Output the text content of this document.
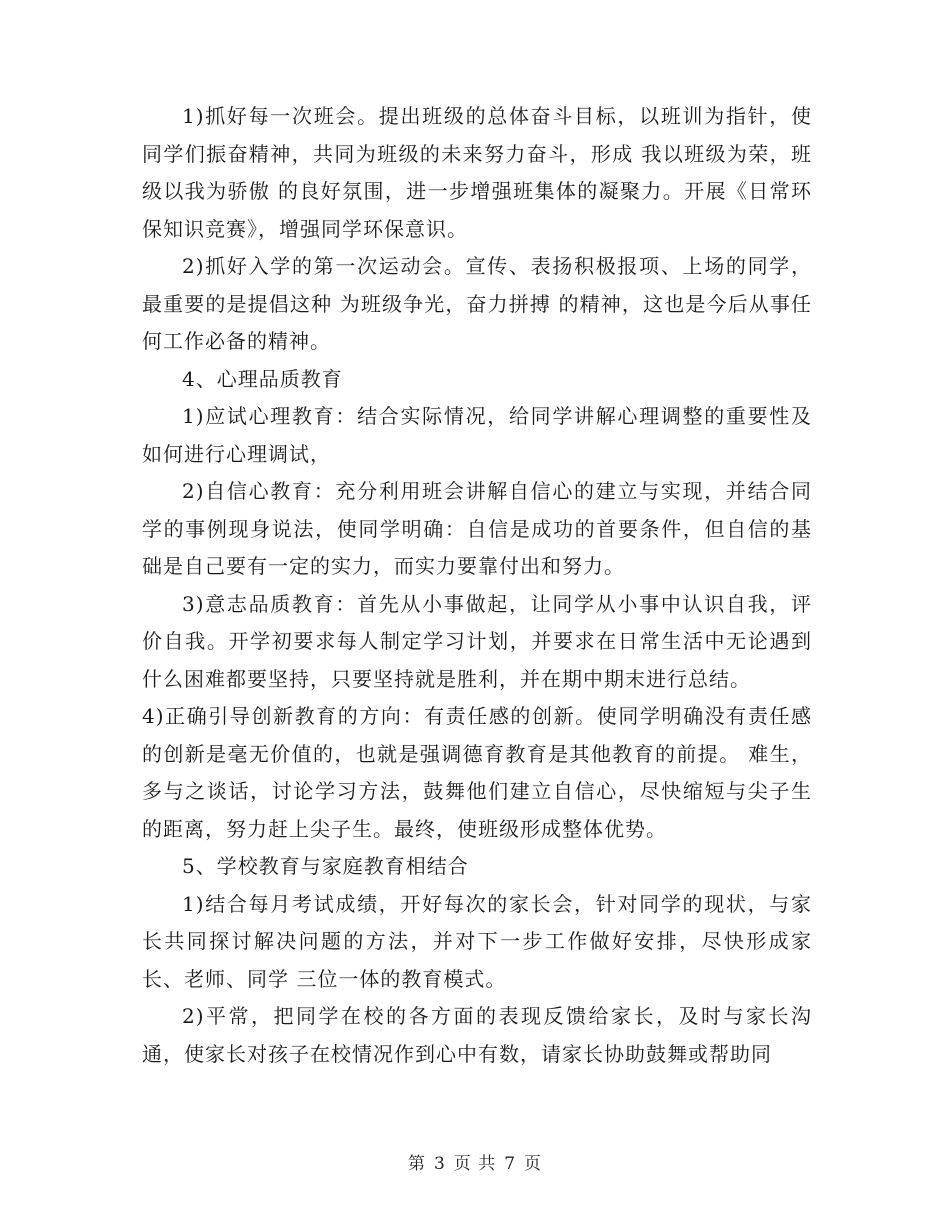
1)抓好每一次班会。提出班级的总体奋斗目标，以班训为指针，使同学们振奋精神，共同为班级的未来努力奋斗，形成 我以班级为荣，班级以我为骄傲 的良好氛围，进一步增强班集体的凝聚力。开展《日常环保知识竞赛》，增强同学环保意识。

2)抓好入学的第一次运动会。宣传、表扬积极报项、上场的同学，最重要的是提倡这种 为班级争光，奋力拼搏 的精神，这也是今后从事任何工作必备的精神。

4、心理品质教育

1)应试心理教育：结合实际情况，给同学讲解心理调整的重要性及如何进行心理调试，

2)自信心教育：充分利用班会讲解自信心的建立与实现，并结合同学的事例现身说法，使同学明确：自信是成功的首要条件，但自信的基础是自己要有一定的实力，而实力要靠付出和努力。

3)意志品质教育：首先从小事做起，让同学从小事中认识自我，评价自我。开学初要求每人制定学习计划，并要求在日常生活中无论遇到什么困难都要坚持，只要坚持就是胜利，并在期中期末进行总结。

4)正确引导创新教育的方向：有责任感的创新。使同学明确没有责任感的创新是毫无价值的，也就是强调德育教育是其他教育的前提。 难生，多与之谈话，讨论学习方法，鼓舞他们建立自信心，尽快缩短与尖子生的距离，努力赶上尖子生。最终，使班级形成整体优势。

5、学校教育与家庭教育相结合

1)结合每月考试成绩，开好每次的家长会，针对同学的现状，与家长共同探讨解决问题的方法，并对下一步工作做好安排，尽快形成家长、老师、同学 三位一体的教育模式。

2)平常，把同学在校的各方面的表现反馈给家长，及时与家长沟通，使家长对孩子在校情况作到心中有数，请家长协助鼓舞或帮助同

第 3 页 共 7 页
